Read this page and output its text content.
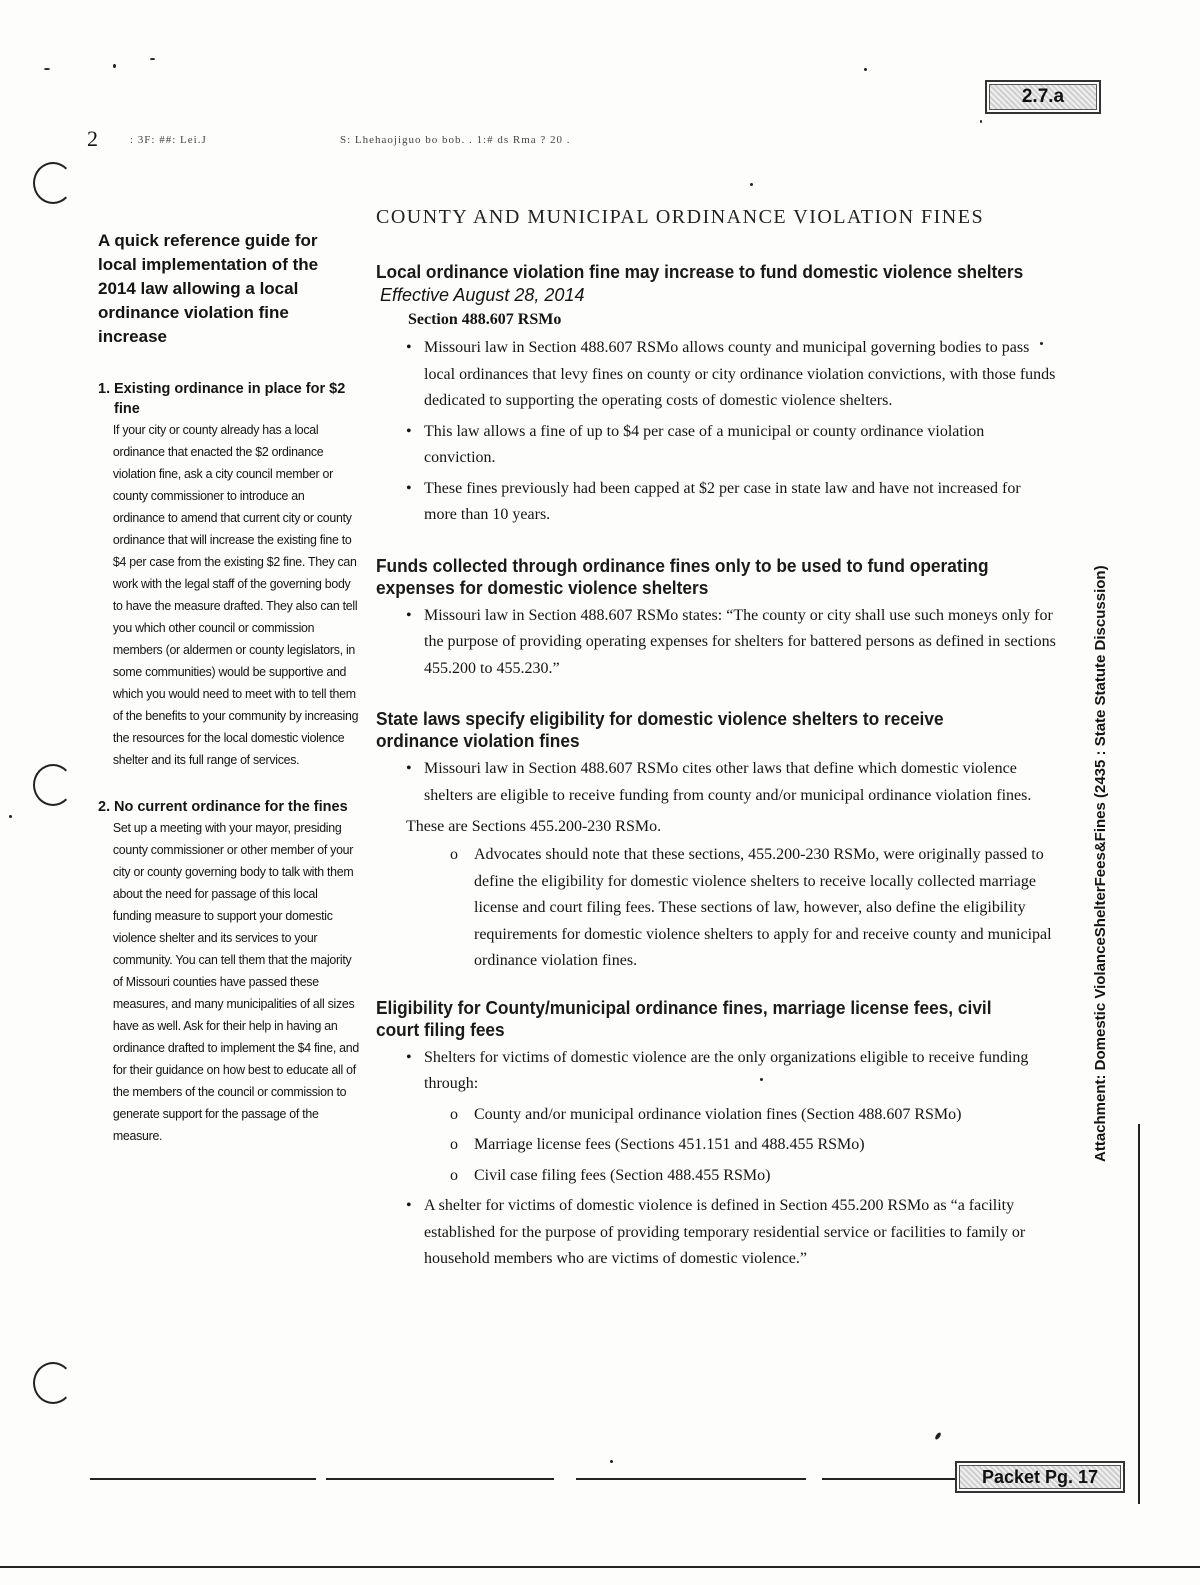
2.7.a
2	: 3F: ##: Lei.J	S: Lhehaojiguo bo bob. . 1:# ds Rma ? 20 .
A quick reference guide for local implementation of the 2014 law allowing a local ordinance violation fine increase
1. Existing ordinance in place for $2 fine
If your city or county already has a local ordinance that enacted the $2 ordinance violation fine, ask a city council member or county commissioner to introduce an ordinance to amend that current city or county ordinance that will increase the existing fine to $4 per case from the existing $2 fine. They can work with the legal staff of the governing body to have the measure drafted. They also can tell you which other council or commission members (or aldermen or county legislators, in some communities) would be supportive and which you would need to meet with to tell them of the benefits to your community by increasing the resources for the local domestic violence shelter and its full range of services.
2. No current ordinance for the fines
Set up a meeting with your mayor, presiding county commissioner or other member of your city or county governing body to talk with them about the need for passage of this local funding measure to support your domestic violence shelter and its services to your community. You can tell them that the majority of Missouri counties have passed these measures, and many municipalities of all sizes have as well. Ask for their help in having an ordinance drafted to implement the $4 fine, and for their guidance on how best to educate all of the members of the council or commission to generate support for the passage of the measure.
COUNTY AND MUNICIPAL ORDINANCE VIOLATION FINES
Local ordinance violation fine may increase to fund domestic violence shelters
Effective August 28, 2014
Section 488.607 RSMo
• Missouri law in Section 488.607 RSMo allows county and municipal governing bodies to pass local ordinances that levy fines on county or city ordinance violation convictions, with those funds dedicated to supporting the operating costs of domestic violence shelters.
• This law allows a fine of up to $4 per case of a municipal or county ordinance violation conviction.
• These fines previously had been capped at $2 per case in state law and have not increased for more than 10 years.
Funds collected through ordinance fines only to be used to fund operating expenses for domestic violence shelters
• Missouri law in Section 488.607 RSMo states: “The county or city shall use such moneys only for the purpose of providing operating expenses for shelters for battered persons as defined in sections 455.200 to 455.230.”
State laws specify eligibility for domestic violence shelters to receive ordinance violation fines
• Missouri law in Section 488.607 RSMo cites other laws that define which domestic violence shelters are eligible to receive funding from county and/or municipal ordinance violation fines.
These are Sections 455.200-230 RSMo.
o Advocates should note that these sections, 455.200-230 RSMo, were originally passed to define the eligibility for domestic violence shelters to receive locally collected marriage license and court filing fees. These sections of law, however, also define the eligibility requirements for domestic violence shelters to apply for and receive county and municipal ordinance violation fines.
Eligibility for County/municipal ordinance fines, marriage license fees, civil court filing fees
• Shelters for victims of domestic violence are the only organizations eligible to receive funding through:
o County and/or municipal ordinance violation fines (Section 488.607 RSMo)
o Marriage license fees (Sections 451.151 and 488.455 RSMo)
o Civil case filing fees (Section 488.455 RSMo)
• A shelter for victims of domestic violence is defined in Section 455.200 RSMo as “a facility established for the purpose of providing temporary residential service or facilities to family or household members who are victims of domestic violence.”
Attachment: Domestic ViolanceShelterFees&Fines (2435 : State Statute Discussion)
Packet Pg. 17
